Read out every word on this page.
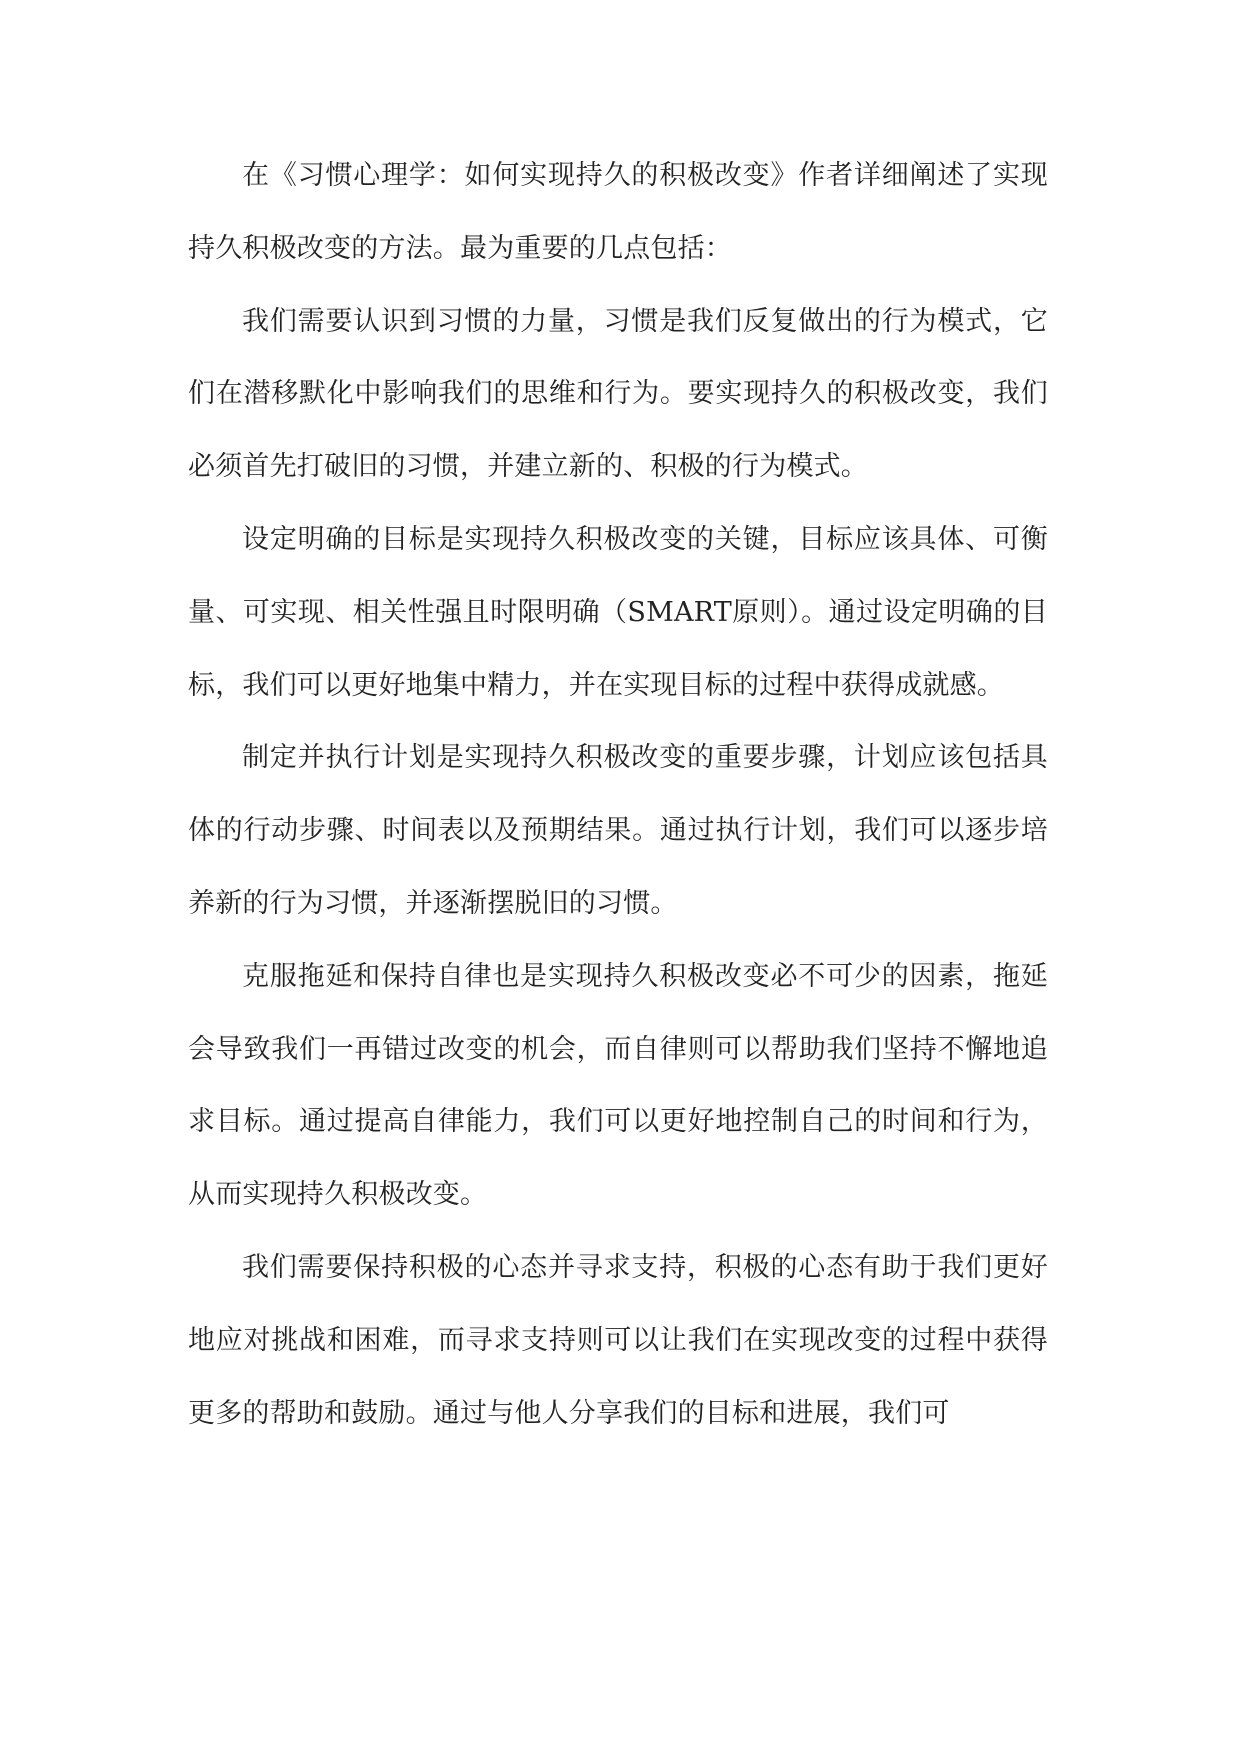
在《习惯心理学：如何实现持久的积极改变》作者详细阐述了实现持久积极改变的方法。最为重要的几点包括：

我们需要认识到习惯的力量，习惯是我们反复做出的行为模式，它们在潜移默化中影响我们的思维和行为。要实现持久的积极改变，我们必须首先打破旧的习惯，并建立新的、积极的行为模式。

设定明确的目标是实现持久积极改变的关键，目标应该具体、可衡量、可实现、相关性强且时限明确（SMART原则）。通过设定明确的目标，我们可以更好地集中精力，并在实现目标的过程中获得成就感。

制定并执行计划是实现持久积极改变的重要步骤，计划应该包括具体的行动步骤、时间表以及预期结果。通过执行计划，我们可以逐步培养新的行为习惯，并逐渐摆脱旧的习惯。

克服拖延和保持自律也是实现持久积极改变必不可少的因素，拖延会导致我们一再错过改变的机会，而自律则可以帮助我们坚持不懈地追求目标。通过提高自律能力，我们可以更好地控制自己的时间和行为，从而实现持久积极改变。

我们需要保持积极的心态并寻求支持，积极的心态有助于我们更好地应对挑战和困难，而寻求支持则可以让我们在实现改变的过程中获得更多的帮助和鼓励。通过与他人分享我们的目标和进展，我们可
